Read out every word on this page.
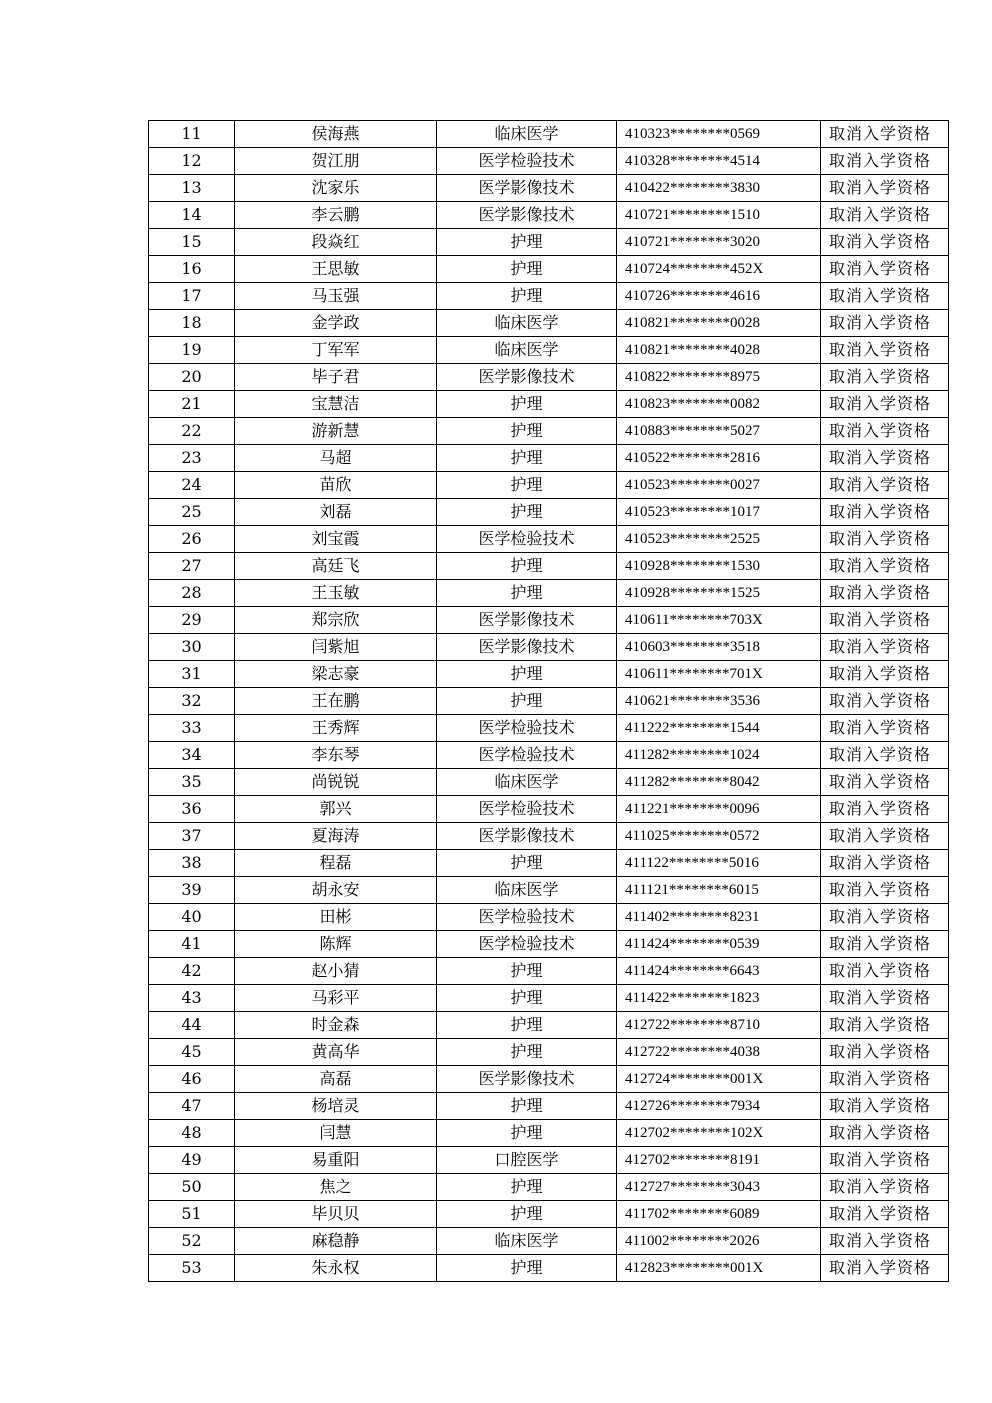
11	侯海燕	临床医学	410323********0569	取消入学资格
12	贺江朋	医学检验技术	410328********4514	取消入学资格
13	沈家乐	医学影像技术	410422********3830	取消入学资格
14	李云鹏	医学影像技术	410721********1510	取消入学资格
15	段焱红	护理	410721********3020	取消入学资格
16	王思敏	护理	410724********452X	取消入学资格
17	马玉强	护理	410726********4616	取消入学资格
18	金学政	临床医学	410821********0028	取消入学资格
19	丁军军	临床医学	410821********4028	取消入学资格
20	毕子君	医学影像技术	410822********8975	取消入学资格
21	宝慧洁	护理	410823********0082	取消入学资格
22	游新慧	护理	410883********5027	取消入学资格
23	马超	护理	410522********2816	取消入学资格
24	苗欣	护理	410523********0027	取消入学资格
25	刘磊	护理	410523********1017	取消入学资格
26	刘宝霞	医学检验技术	410523********2525	取消入学资格
27	高廷飞	护理	410928********1530	取消入学资格
28	王玉敏	护理	410928********1525	取消入学资格
29	郑宗欣	医学影像技术	410611********703X	取消入学资格
30	闫紫旭	医学影像技术	410603********3518	取消入学资格
31	梁志豪	护理	410611********701X	取消入学资格
32	王在鹏	护理	410621********3536	取消入学资格
33	王秀辉	医学检验技术	411222********1544	取消入学资格
34	李东琴	医学检验技术	411282********1024	取消入学资格
35	尚锐锐	临床医学	411282********8042	取消入学资格
36	郭兴	医学检验技术	411221********0096	取消入学资格
37	夏海涛	医学影像技术	411025********0572	取消入学资格
38	程磊	护理	411122********5016	取消入学资格
39	胡永安	临床医学	411121********6015	取消入学资格
40	田彬	医学检验技术	411402********8231	取消入学资格
41	陈辉	医学检验技术	411424********0539	取消入学资格
42	赵小猜	护理	411424********6643	取消入学资格
43	马彩平	护理	411422********1823	取消入学资格
44	时金森	护理	412722********8710	取消入学资格
45	黄高华	护理	412722********4038	取消入学资格
46	高磊	医学影像技术	412724********001X	取消入学资格
47	杨培灵	护理	412726********7934	取消入学资格
48	闫慧	护理	412702********102X	取消入学资格
49	易重阳	口腔医学	412702********8191	取消入学资格
50	焦之	护理	412727********3043	取消入学资格
51	毕贝贝	护理	411702********6089	取消入学资格
52	麻稳静	临床医学	411002********2026	取消入学资格
53	朱永权	护理	412823********001X	取消入学资格
